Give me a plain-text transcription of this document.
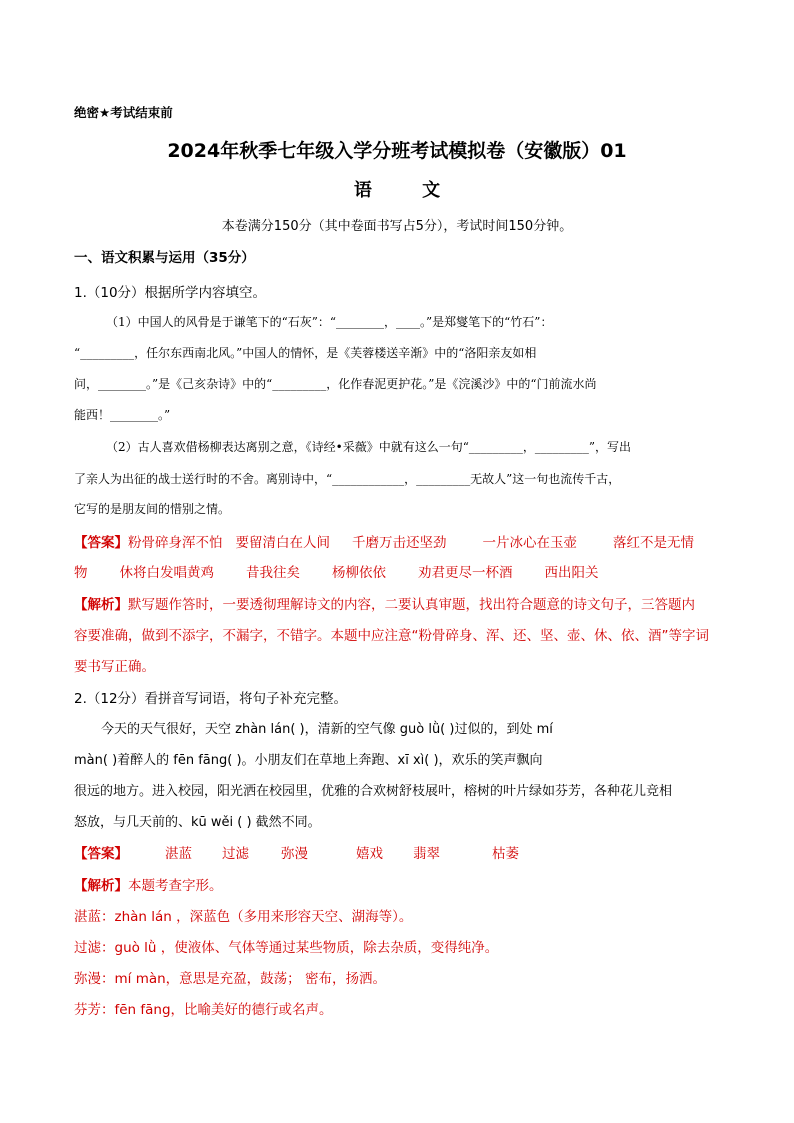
绝密★考试结束前
2024年秋季七年级入学分班考试模拟卷（安徽版）01
语 文
本卷满分150分（其中卷面书写占5分），考试时间150分钟。
一、语文积累与运用（35分）
1.（10分）根据所学内容填空。
（1）中国人的风骨是于谦笔下的“石灰”：“________，____。”是郑燮笔下的“竹石”：
“_________，任尔东西南北风。”中国人的情怀，是《芙蓉楼送辛渐》中的“洛阳亲友如相
问，________。”是《己亥杂诗》中的“_________，化作春泥更护花。”是《浣溪沙》中的“门前流水尚
能西！________。”
（2）古人喜欢借杨柳表达离别之意，《诗经•采薇》中就有这么一句“_________，_________”，写出
了亲人为出征的战士送行时的不舍。离别诗中，“____________，_________无故人”这一句也流传千古，
它写的是朋友间的惜别之情。
【答案】粉骨碎身浑不怕 要留清白在人间 千磨万击还坚劲	一片冰心在玉壶	落红不是无情
物 休将白发唱黄鸡 昔我往矣 杨柳依依 劝君更尽一杯酒 西出阳关
【解析】默写题作答时，一要透彻理解诗文的内容，二要认真审题，找出符合题意的诗文句子，三答题内
容要准确，做到不添字，不漏字，不错字。本题中应注意“粉骨碎身、浑、还、坚、壶、休、依、酒”等字词
要书写正确。
2.（12分）看拼音写词语，将句子补充完整。
今天的天气很好，天空 zhàn lán( )，清新的空气像 guò lǜ( )过似的，到处 mí
màn( )着醉人的 fēn fāng( )。小朋友们在草地上奔跑、xī xì( )，欢乐的笑声飘向
很远的地方。进入校园，阳光洒在校园里，优雅的合欢树舒枝展叶，榕树的叶片绿如芬芳，各种花儿竞相
怒放，与几天前的、kū wěi ( ) 截然不同。
【答案】	湛蓝 过滤 弥漫	嬉戏 翡翠	枯萎
【解析】本题考查字形。
湛蓝：zhàn lán ，深蓝色（多用来形容天空、湖海等）。
过滤：guò lǜ ，使液体、气体等通过某些物质，除去杂质，变得纯净。
弥漫：mí màn，意思是充盈，鼓荡； 密布，扬洒。
芬芳：fēn fāng，比喻美好的德行或名声。
